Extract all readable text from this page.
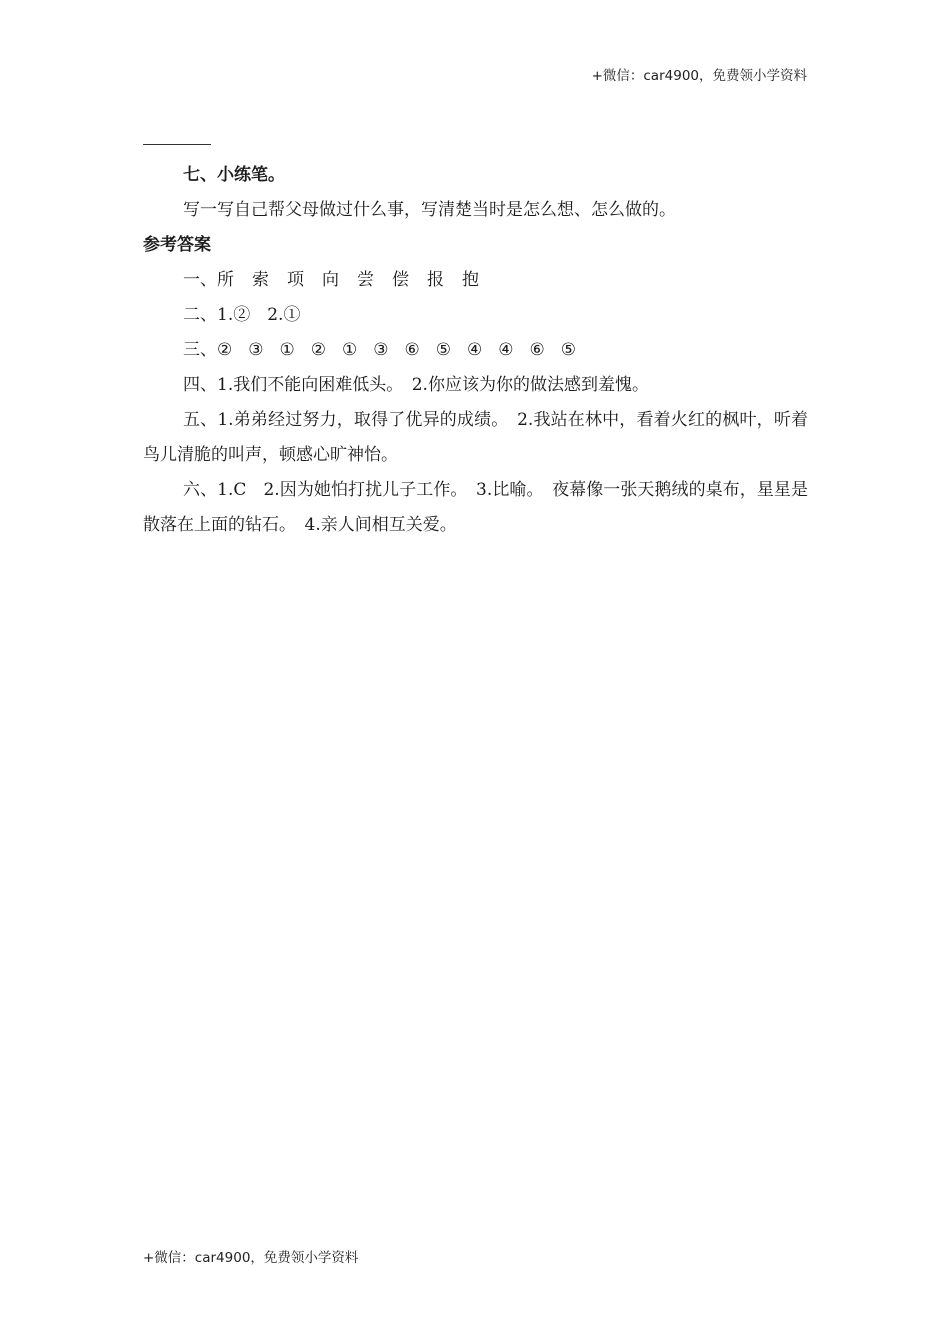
+微信：car4900，免费领小学资料
七、小练笔。
写一写自己帮父母做过什么事，写清楚当时是怎么想、怎么做的。
参考答案
一、所 索 项 向 尝 偿 报 抱
二、1.②　2.①
三、② ③ ① ② ① ③ ⑥ ⑤ ④ ④ ⑥ ⑤
四、1.我们不能向困难低头。　2.你应该为你的做法感到羞愧。
五、1.弟弟经过努力，取得了优异的成绩。　2.我站在林中，看着火红的枫叶，听着鸟儿清脆的叫声，顿感心旷神怡。
六、1.C　2.因为她怕打扰儿子工作。　3.比喻。　夜幕像一张天鹅绒的桌布，星星是散落在上面的钻石。　4.亲人间相互关爱。
+微信：car4900，免费领小学资料
